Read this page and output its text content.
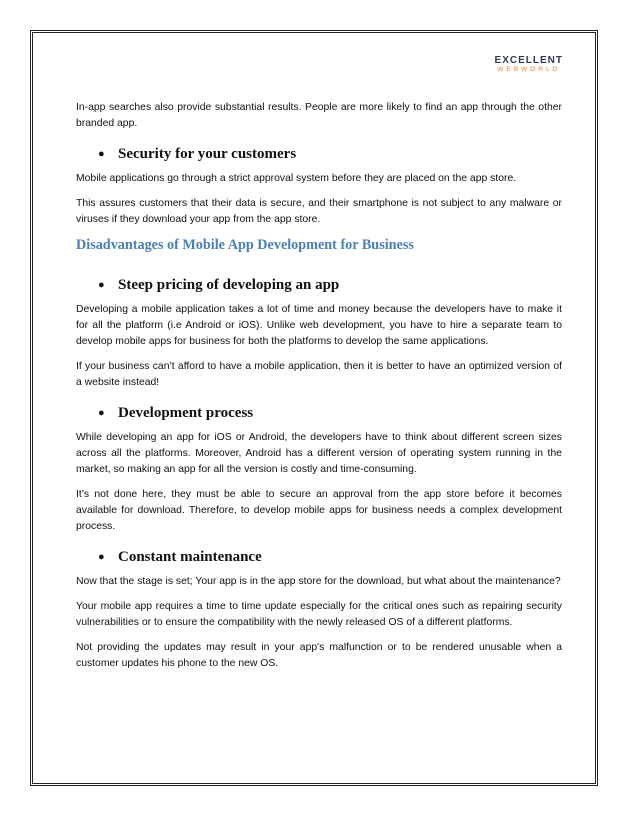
EXCELLENT
WEBWORLD

In-app searches also provide substantial results. People are more likely to find an app through the other branded app.

● Security for your customers

Mobile applications go through a strict approval system before they are placed on the app store.

This assures customers that their data is secure, and their smartphone is not subject to any malware or viruses if they download your app from the app store.

Disadvantages of Mobile App Development for Business
● Steep pricing of developing an app

Developing a mobile application takes a lot of time and money because the developers have to make it for all the platform (i.e Android or iOS). Unlike web development, you have to hire a separate team to develop mobile apps for business for both the platforms to develop the same applications.

If your business can’t afford to have a mobile application, then it is better to have an optimized version of a website instead!

● Development process

While developing an app for iOS or Android, the developers have to think about different screen sizes across all the platforms. Moreover, Android has a different version of operating system running in the market, so making an app for all the version is costly and time-consuming.

It’s not done here, they must be able to secure an approval from the app store before it becomes available for download. Therefore, to develop mobile apps for business needs a complex development process.

● Constant maintenance

Now that the stage is set; Your app is in the app store for the download, but what about the maintenance?

Your mobile app requires a time to time update especially for the critical ones such as repairing security vulnerabilities or to ensure the compatibility with the newly released OS of a different platforms.

Not providing the updates may result in your app's malfunction or to be rendered unusable when a customer updates his phone to the new OS.
